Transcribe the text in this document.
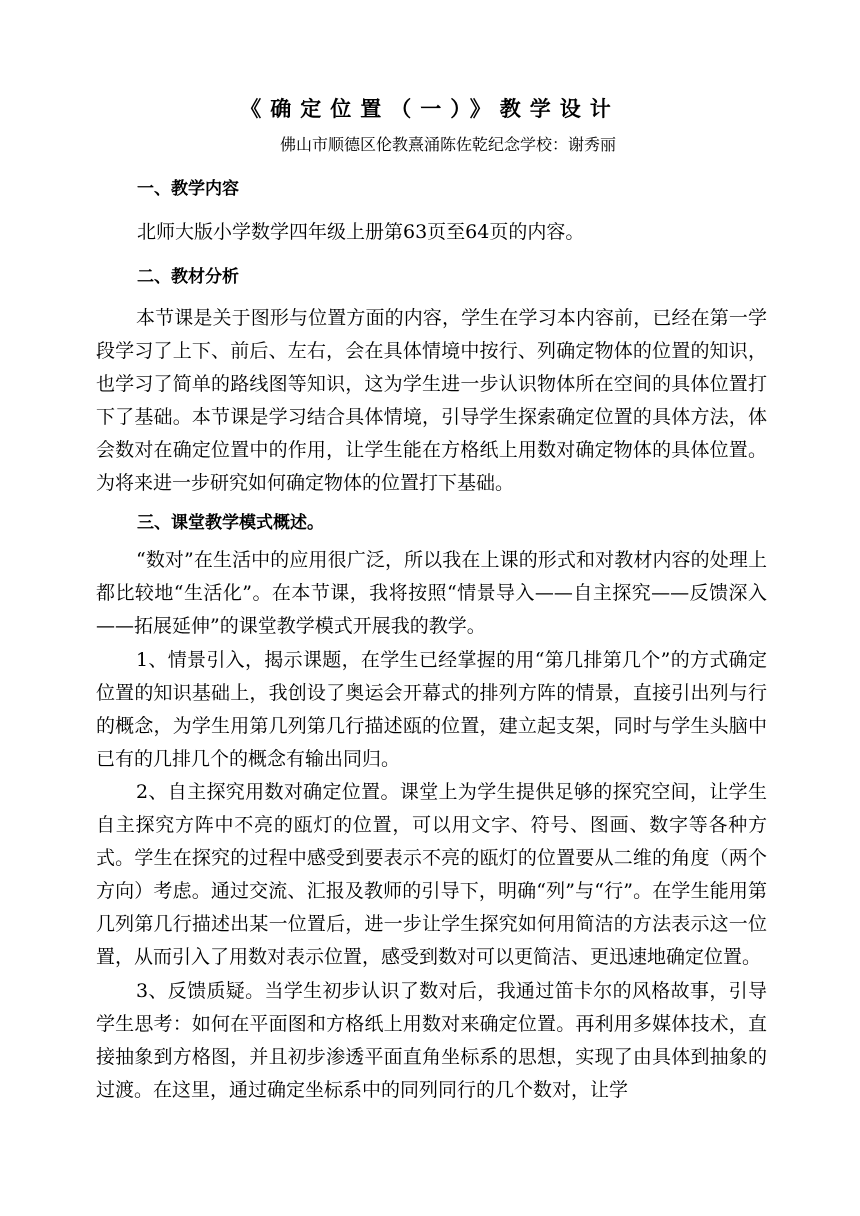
《确定位置（一）》教学设计

佛山市顺德区伦教熹涌陈佐乾纪念学校：谢秀丽

一、教学内容

北师大版小学数学四年级上册第63页至64页的内容。

二、教材分析

本节课是关于图形与位置方面的内容，学生在学习本内容前，已经在第一学段学习了上下、前后、左右，会在具体情境中按行、列确定物体的位置的知识，也学习了简单的路线图等知识，这为学生进一步认识物体所在空间的具体位置打下了基础。本节课是学习结合具体情境，引导学生探索确定位置的具体方法，体会数对在确定位置中的作用，让学生能在方格纸上用数对确定物体的具体位置。为将来进一步研究如何确定物体的位置打下基础。

三、课堂教学模式概述。

“数对”在生活中的应用很广泛，所以我在上课的形式和对教材内容的处理上都比较地“生活化”。在本节课，我将按照“情景导入——自主探究——反馈深入——拓展延伸”的课堂教学模式开展我的教学。

1、情景引入，揭示课题，在学生已经掌握的用“第几排第几个”的方式确定位置的知识基础上，我创设了奥运会开幕式的排列方阵的情景，直接引出列与行的概念，为学生用第几列第几行描述瓯的位置，建立起支架，同时与学生头脑中已有的几排几个的概念有输出同归。

2、自主探究用数对确定位置。课堂上为学生提供足够的探究空间，让学生自主探究方阵中不亮的瓯灯的位置，可以用文字、符号、图画、数字等各种方式。学生在探究的过程中感受到要表示不亮的瓯灯的位置要从二维的角度（两个方向）考虑。通过交流、汇报及教师的引导下，明确“列”与“行”。在学生能用第几列第几行描述出某一位置后，进一步让学生探究如何用简洁的方法表示这一位置，从而引入了用数对表示位置，感受到数对可以更简洁、更迅速地确定位置。

3、反馈质疑。当学生初步认识了数对后，我通过笛卡尔的风格故事，引导学生思考：如何在平面图和方格纸上用数对来确定位置。再利用多媒体技术，直接抽象到方格图，并且初步渗透平面直角坐标系的思想，实现了由具体到抽象的过渡。在这里，通过确定坐标系中的同列同行的几个数对，让学
